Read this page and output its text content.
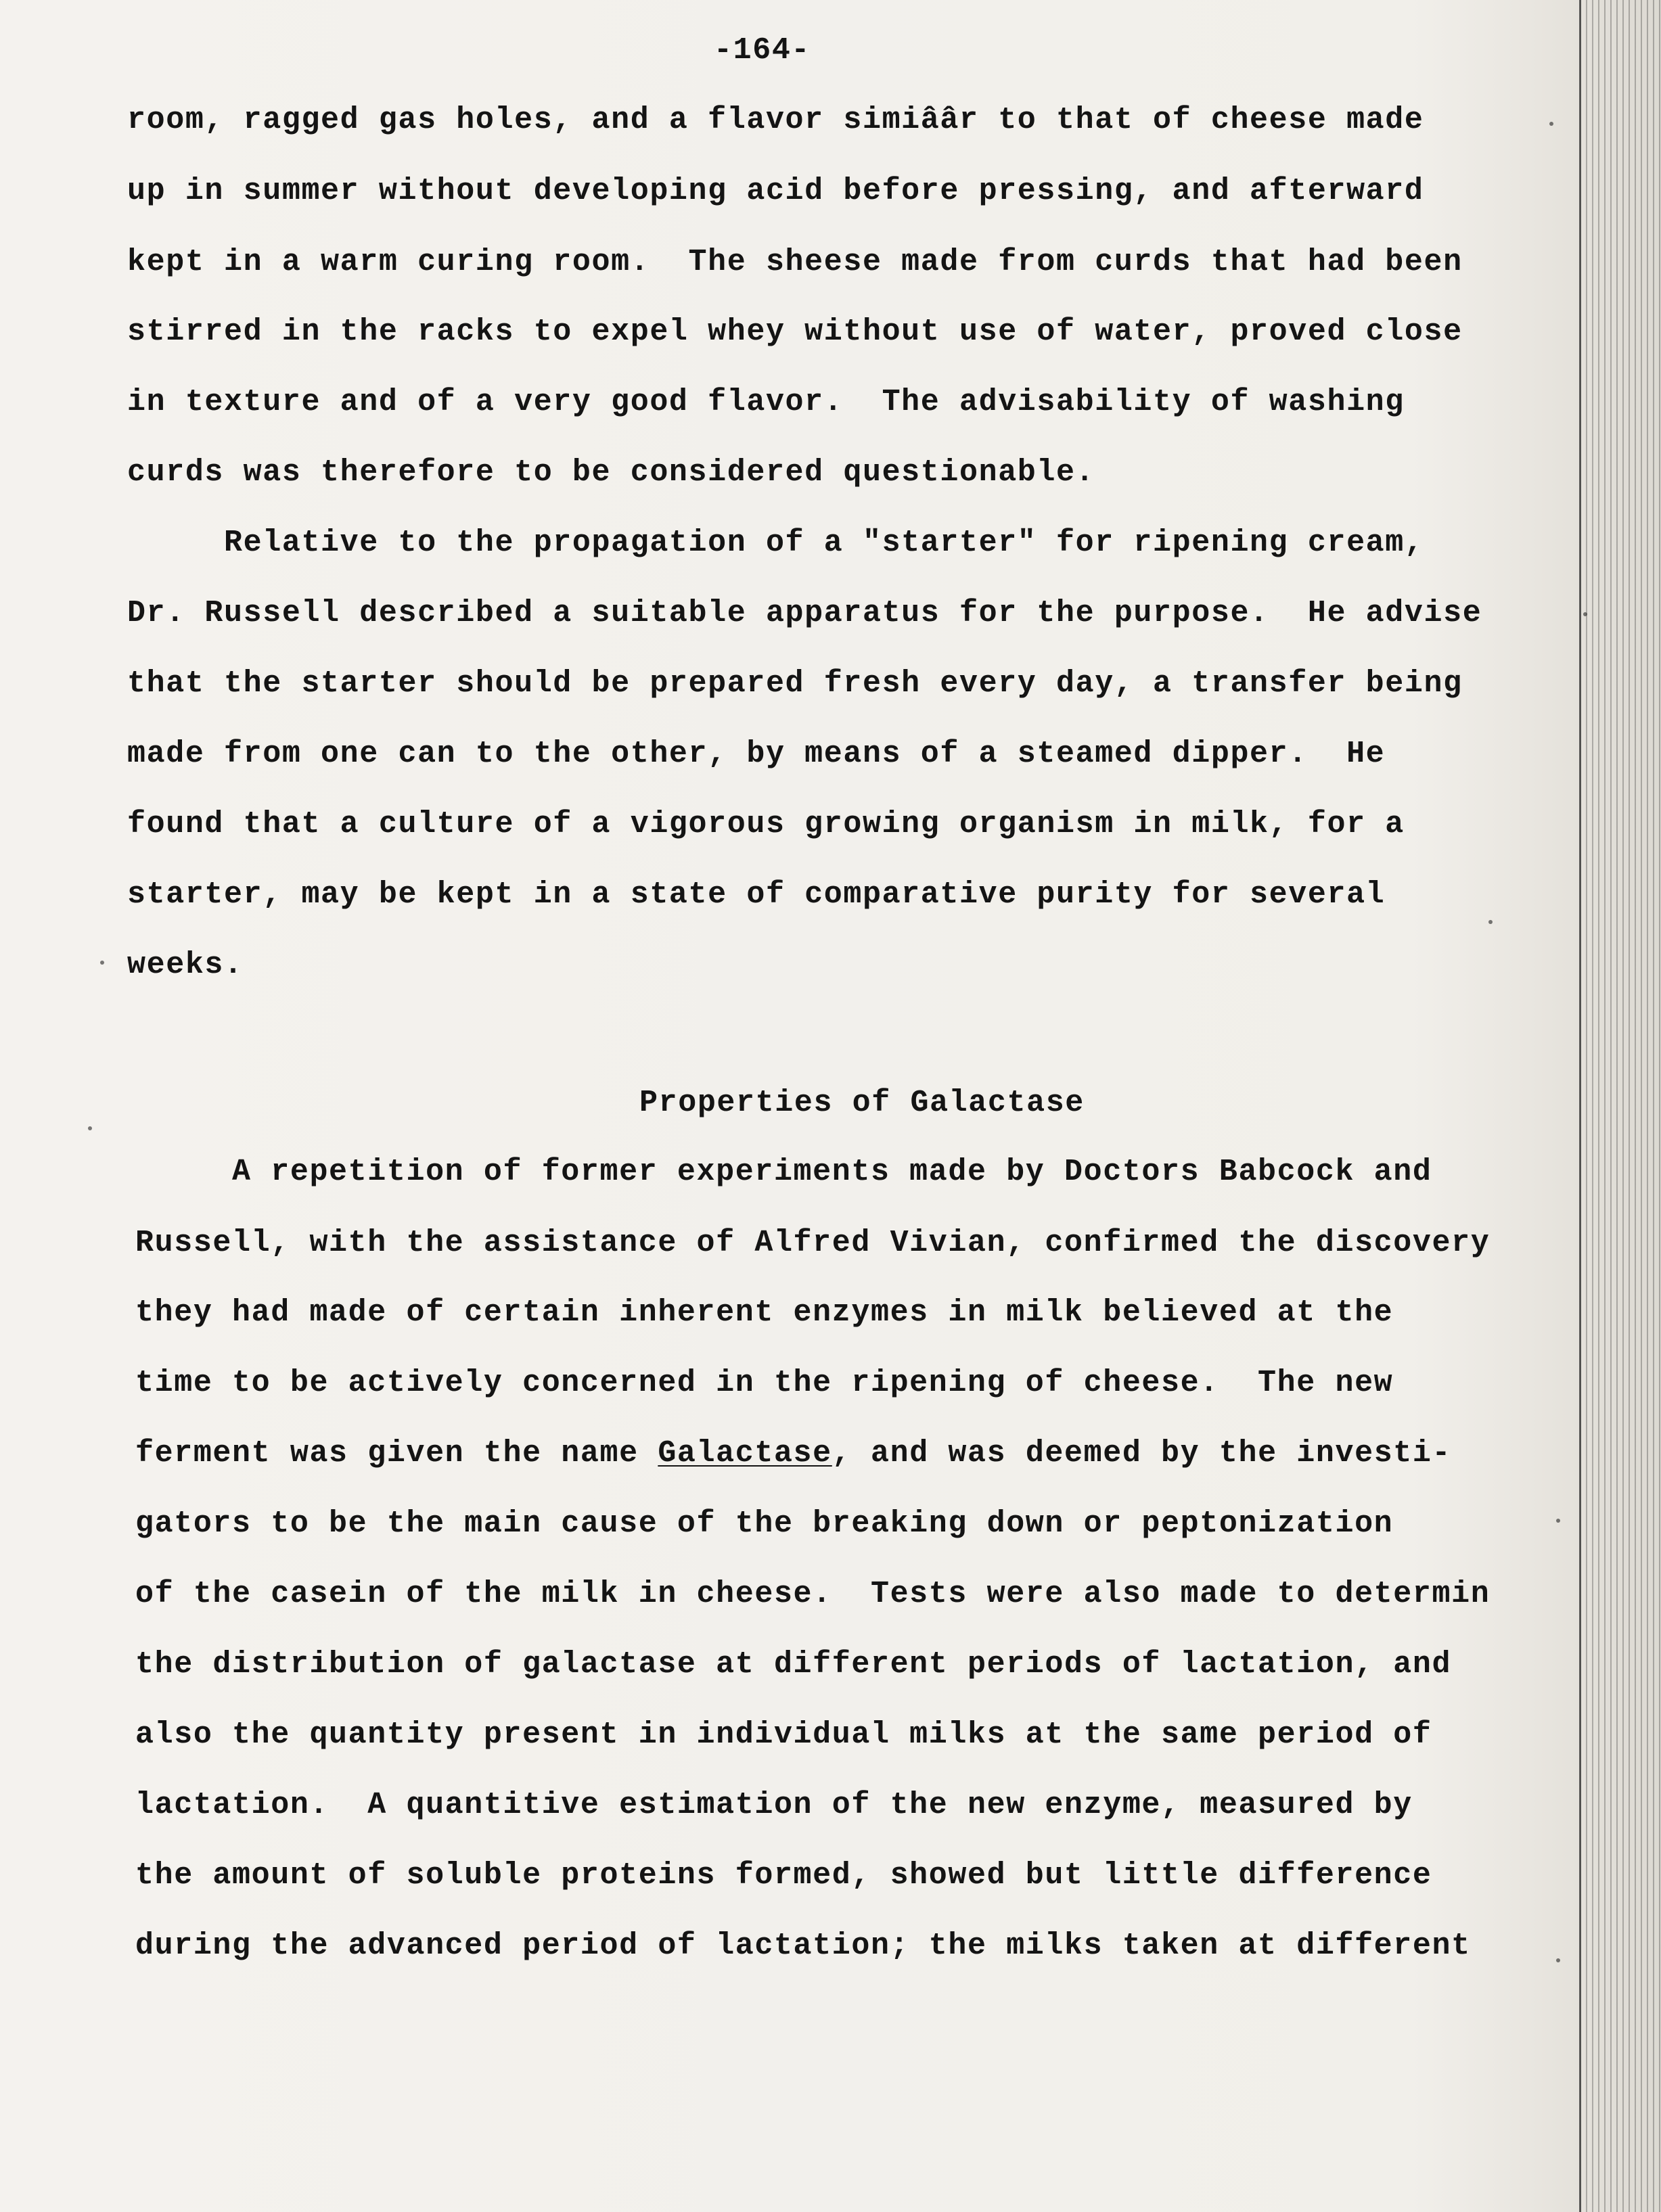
-164-
room, ragged gas holes, and a flavor simiââr to that of cheese made
up in summer without developing acid before pressing, and afterward
kept in a warm curing room.  The sheese made from curds that had been
stirred in the racks to expel whey without use of water, proved close
in texture and of a very good flavor.  The advisability of washing
curds was therefore to be considered questionable.
Relative to the propagation of a "starter" for ripening cream,
Dr. Russell described a suitable apparatus for the purpose.  He advise
that the starter should be prepared fresh every day, a transfer being
made from one can to the other, by means of a steamed dipper.  He
found that a culture of a vigorous growing organism in milk, for a
starter, may be kept in a state of comparative purity for several
weeks.
Properties of Galactase
A repetition of former experiments made by Doctors Babcock and
Russell, with the assistance of Alfred Vivian, confirmed the discovery
they had made of certain inherent enzymes in milk believed at the
time to be actively concerned in the ripening of cheese.  The new
ferment was given the name Galactase, and was deemed by the investi-
gators to be the main cause of the breaking down or peptonization
of the casein of the milk in cheese.  Tests were also made to determin
the distribution of galactase at different periods of lactation, and
also the quantity present in individual milks at the same period of
lactation.  A quantitive estimation of the new enzyme, measured by
the amount of soluble proteins formed, showed but little difference
during the advanced period of lactation; the milks taken at different
